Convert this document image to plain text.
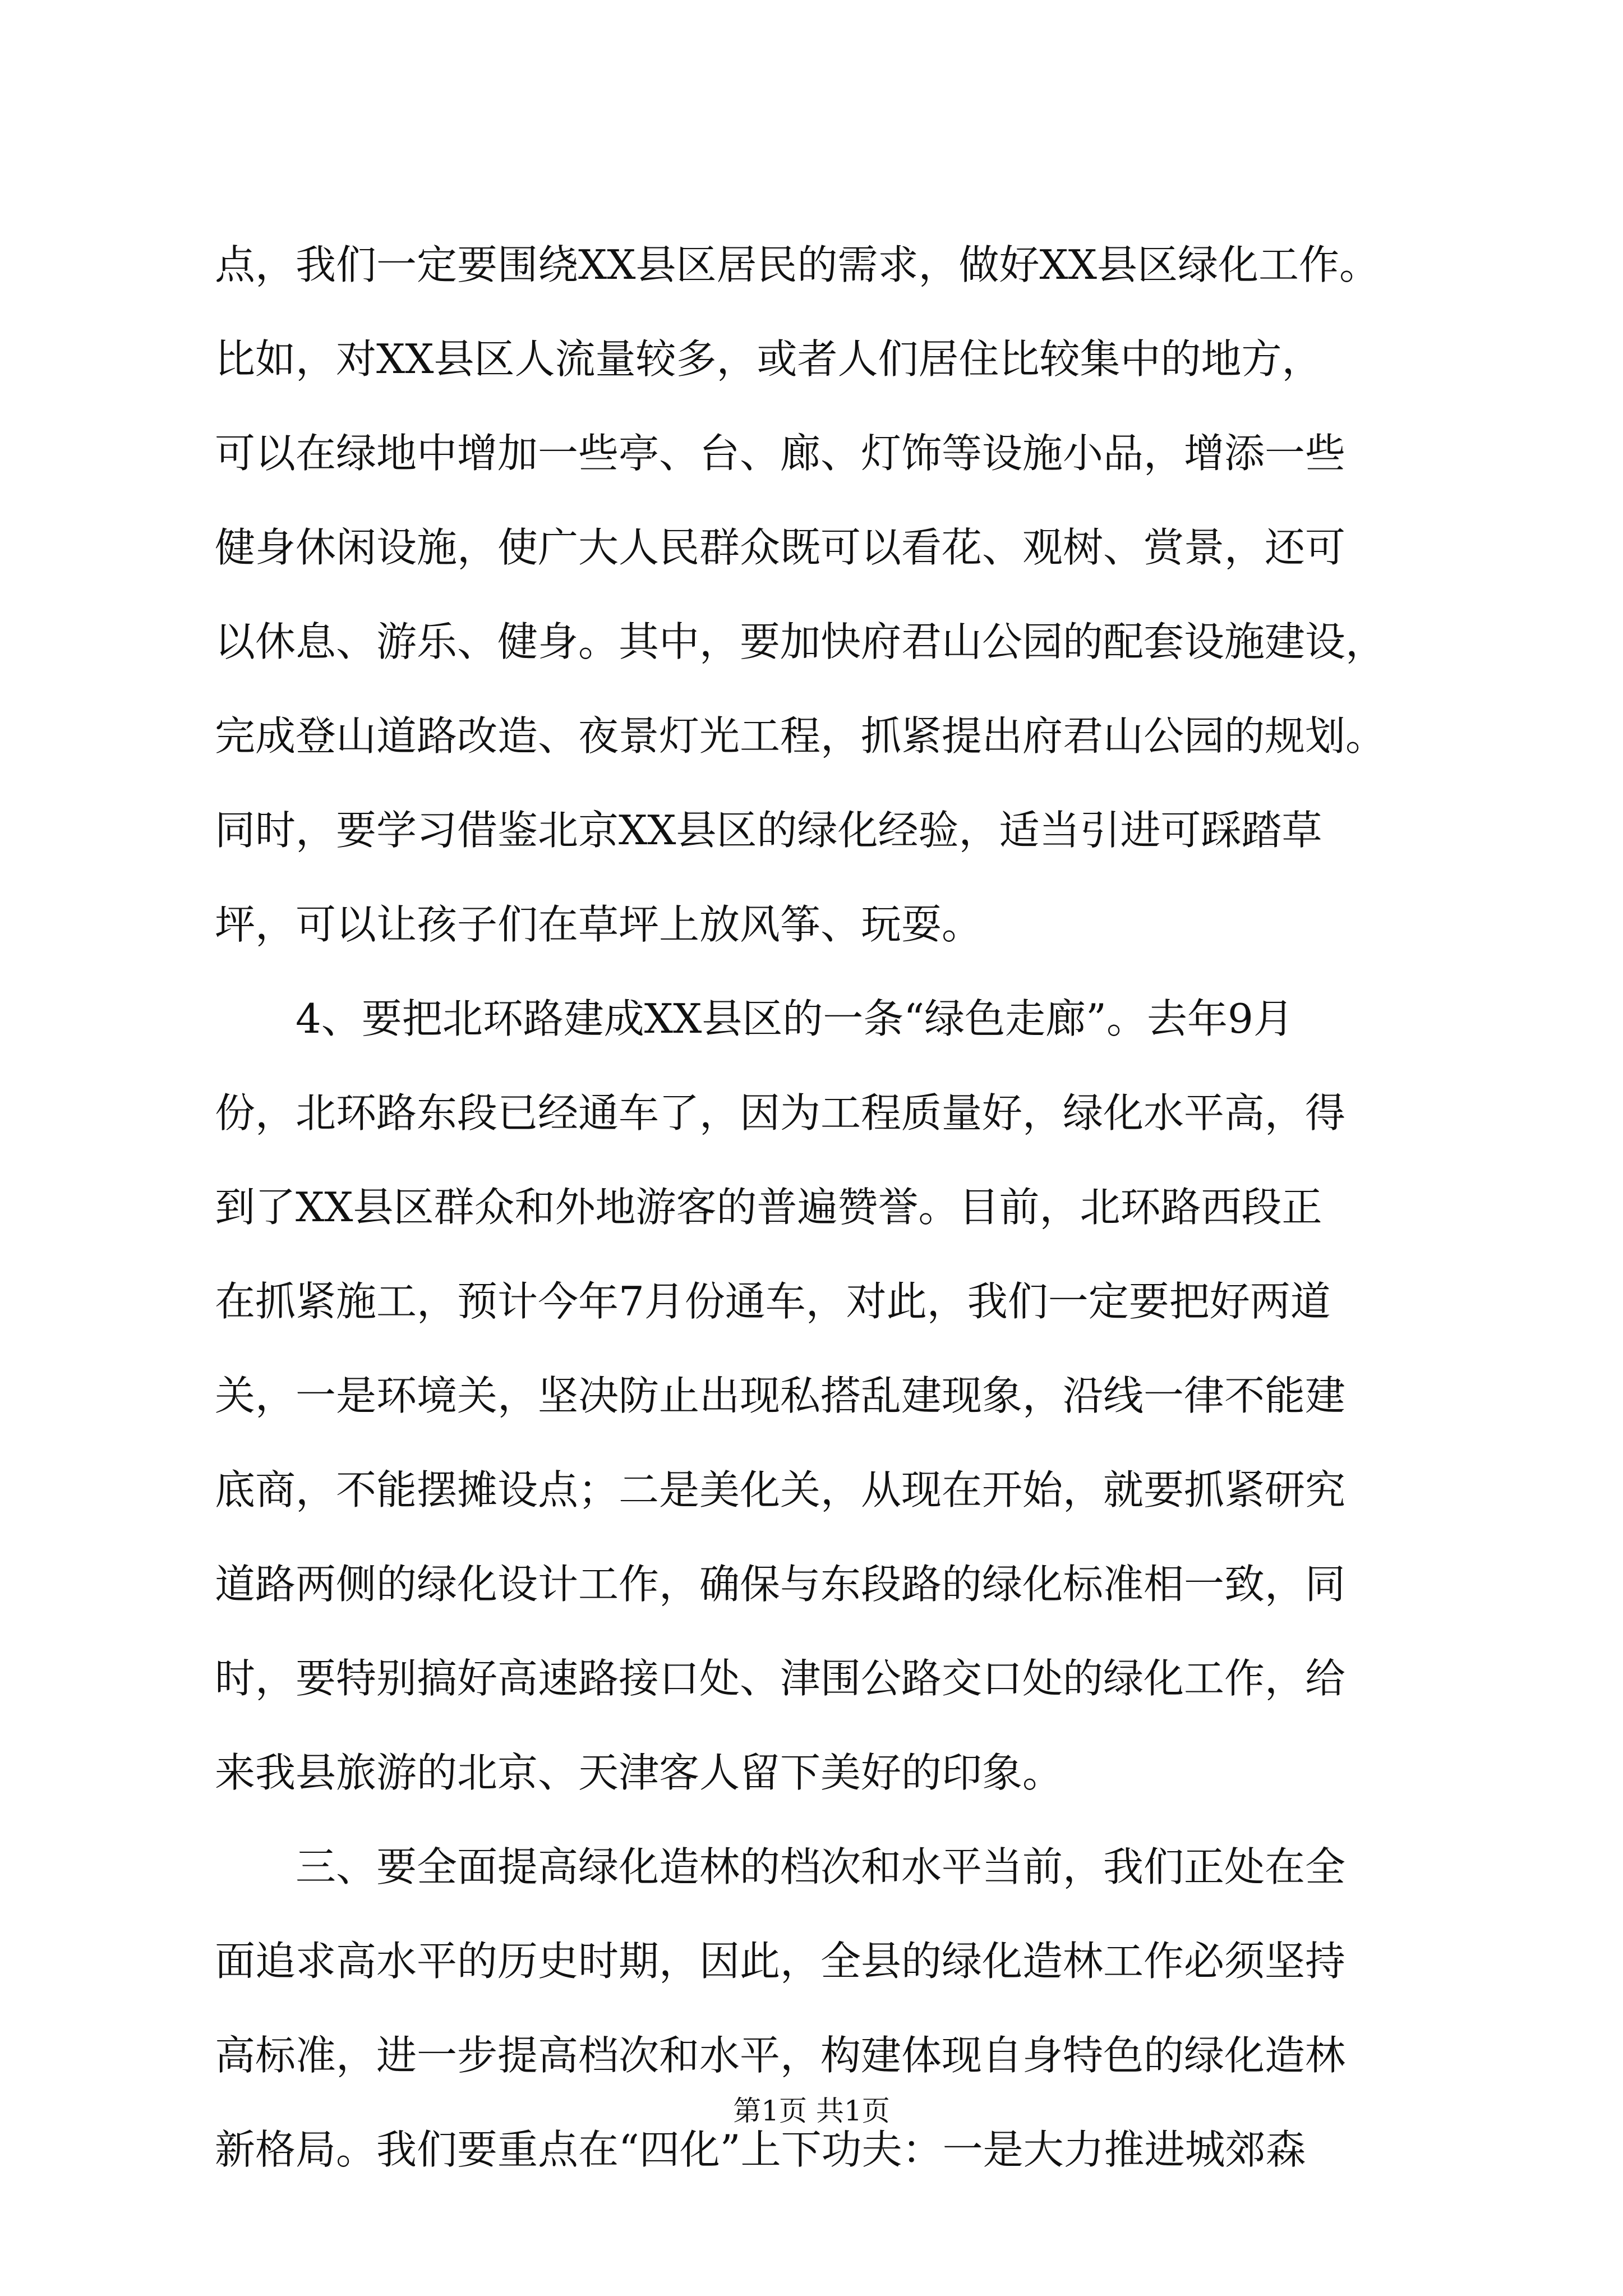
点，我们一定要围绕XX县区居民的需求，做好XX县区绿化工作。
比如，对XX县区人流量较多，或者人们居住比较集中的地方，
可以在绿地中增加一些亭、台、廊、灯饰等设施小品，增添一些
健身休闲设施，使广大人民群众既可以看花、观树、赏景，还可
以休息、游乐、健身。其中，要加快府君山公园的配套设施建设，
完成登山道路改造、夜景灯光工程，抓紧提出府君山公园的规划。
同时，要学习借鉴北京XX县区的绿化经验，适当引进可踩踏草
坪，可以让孩子们在草坪上放风筝、玩耍。
4、要把北环路建成XX县区的一条“绿色走廊”。去年9月
份，北环路东段已经通车了，因为工程质量好，绿化水平高，得
到了XX县区群众和外地游客的普遍赞誉。目前，北环路西段正
在抓紧施工，预计今年7月份通车，对此，我们一定要把好两道
关，一是环境关，坚决防止出现私搭乱建现象，沿线一律不能建
底商，不能摆摊设点；二是美化关，从现在开始，就要抓紧研究
道路两侧的绿化设计工作，确保与东段路的绿化标准相一致，同
时，要特别搞好高速路接口处、津围公路交口处的绿化工作，给
来我县旅游的北京、天津客人留下美好的印象。
三、要全面提高绿化造林的档次和水平当前，我们正处在全
面追求高水平的历史时期，因此，全县的绿化造林工作必须坚持
高标准，进一步提高档次和水平，构建体现自身特色的绿化造林
新格局。我们要重点在“四化”上下功夫：一是大力推进城郊森
第1页 共1页
